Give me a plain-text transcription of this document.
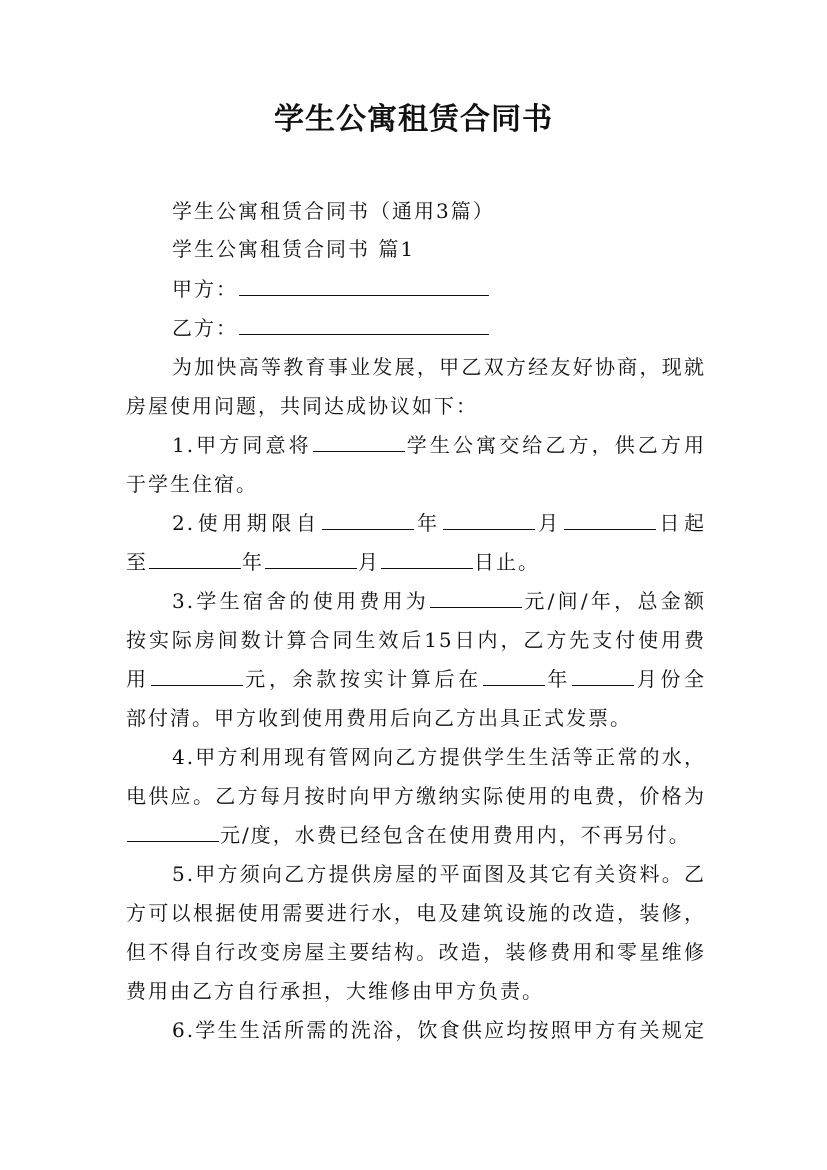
学生公寓租赁合同书
学生公寓租赁合同书（通用3篇）
学生公寓租赁合同书 篇1
甲方：
乙方：
为加快高等教育事业发展，甲乙双方经友好协商，现就
房屋使用问题，共同达成协议如下：
1.甲方同意将	学生公寓交给乙方，供乙方用
于学生住宿。
2.使用期限自	年	月	日起
至	年	月	日止。
3.学生宿舍的使用费用为	元/间/年，总金额
按实际房间数计算合同生效后15日内，乙方先支付使用费
用	元，余款按实计算后在	年	月份全
部付清。甲方收到使用费用后向乙方出具正式发票。
4.甲方利用现有管网向乙方提供学生生活等正常的水，
电供应。乙方每月按时向甲方缴纳实际使用的电费，价格为
元/度，水费已经包含在使用费用内，不再另付。
5.甲方须向乙方提供房屋的平面图及其它有关资料。乙
方可以根据使用需要进行水，电及建筑设施的改造，装修，
但不得自行改变房屋主要结构。改造，装修费用和零星维修
费用由乙方自行承担，大维修由甲方负责。
6.学生生活所需的洗浴，饮食供应均按照甲方有关规定
